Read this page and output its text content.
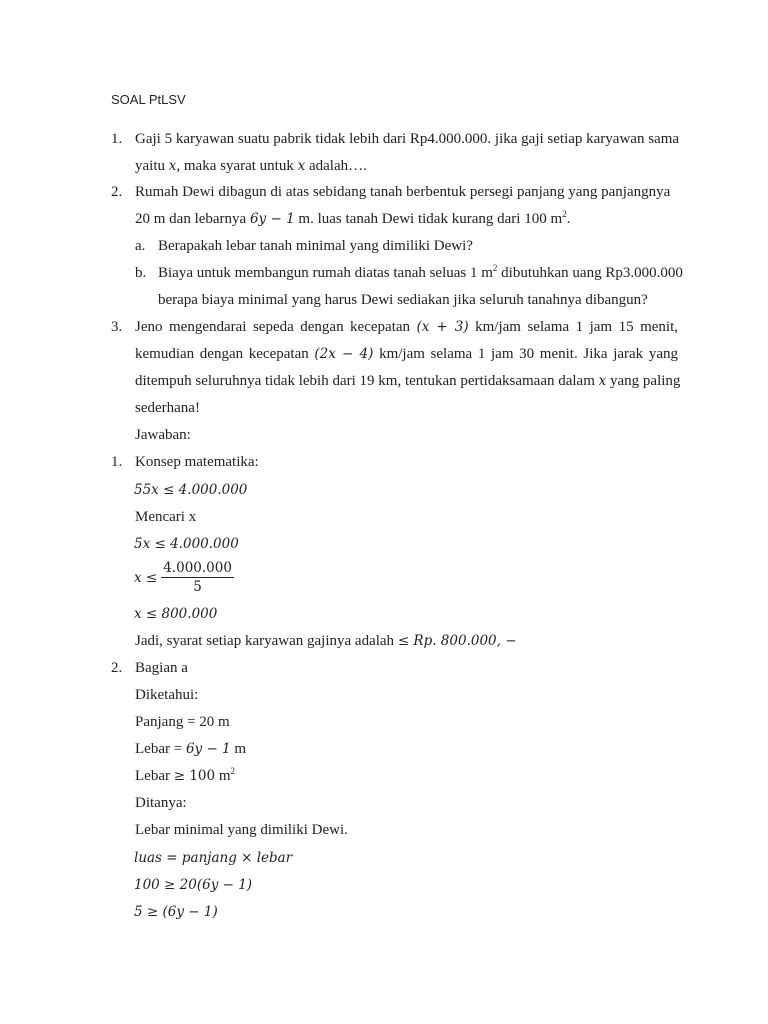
SOAL PtLSV
1. Gaji 5 karyawan suatu pabrik tidak lebih dari Rp4.000.000. jika gaji setiap karyawan sama
yaitu x, maka syarat untuk x adalah….
2. Rumah Dewi dibagun di atas sebidang tanah berbentuk persegi panjang yang panjangnya
20 m dan lebarnya 6y − 1 m. luas tanah Dewi tidak kurang dari 100 $m^2$.
a. Berapakah lebar tanah minimal yang dimiliki Dewi?
b. Biaya untuk membangun rumah diatas tanah seluas 1 $m^2$ dibutuhkan uang Rp3.000.000
berapa biaya minimal yang harus Dewi sediakan jika seluruh tanahnya dibangun?
3. Jeno mengendarai sepeda dengan kecepatan (x + 3) km/jam selama 1 jam 15 menit,
kemudian dengan kecepatan (2x − 4) km/jam selama 1 jam 30 menit. Jika jarak yang
ditempuh seluruhnya tidak lebih dari 19 km, tentukan pertidaksamaan dalam x yang paling
sederhana!
Jawaban:
1. Konsep matematika:
55x ≤ 4.000.000
Mencari x
5x ≤ 4.000.000
$x \le \frac{4.000.000}{5}$
x ≤ 800.000
Jadi, syarat setiap karyawan gajinya adalah ≤ Rp. 800.000, −
2. Bagian a
Diketahui:
Panjang = 20 m
Lebar = 6y − 1 m
Lebar ≥ 100 $m^2$
Ditanya:
Lebar minimal yang dimiliki Dewi.
luas = panjang × lebar
100 ≥ 20(6y − 1)
5 ≥ (6y − 1)
